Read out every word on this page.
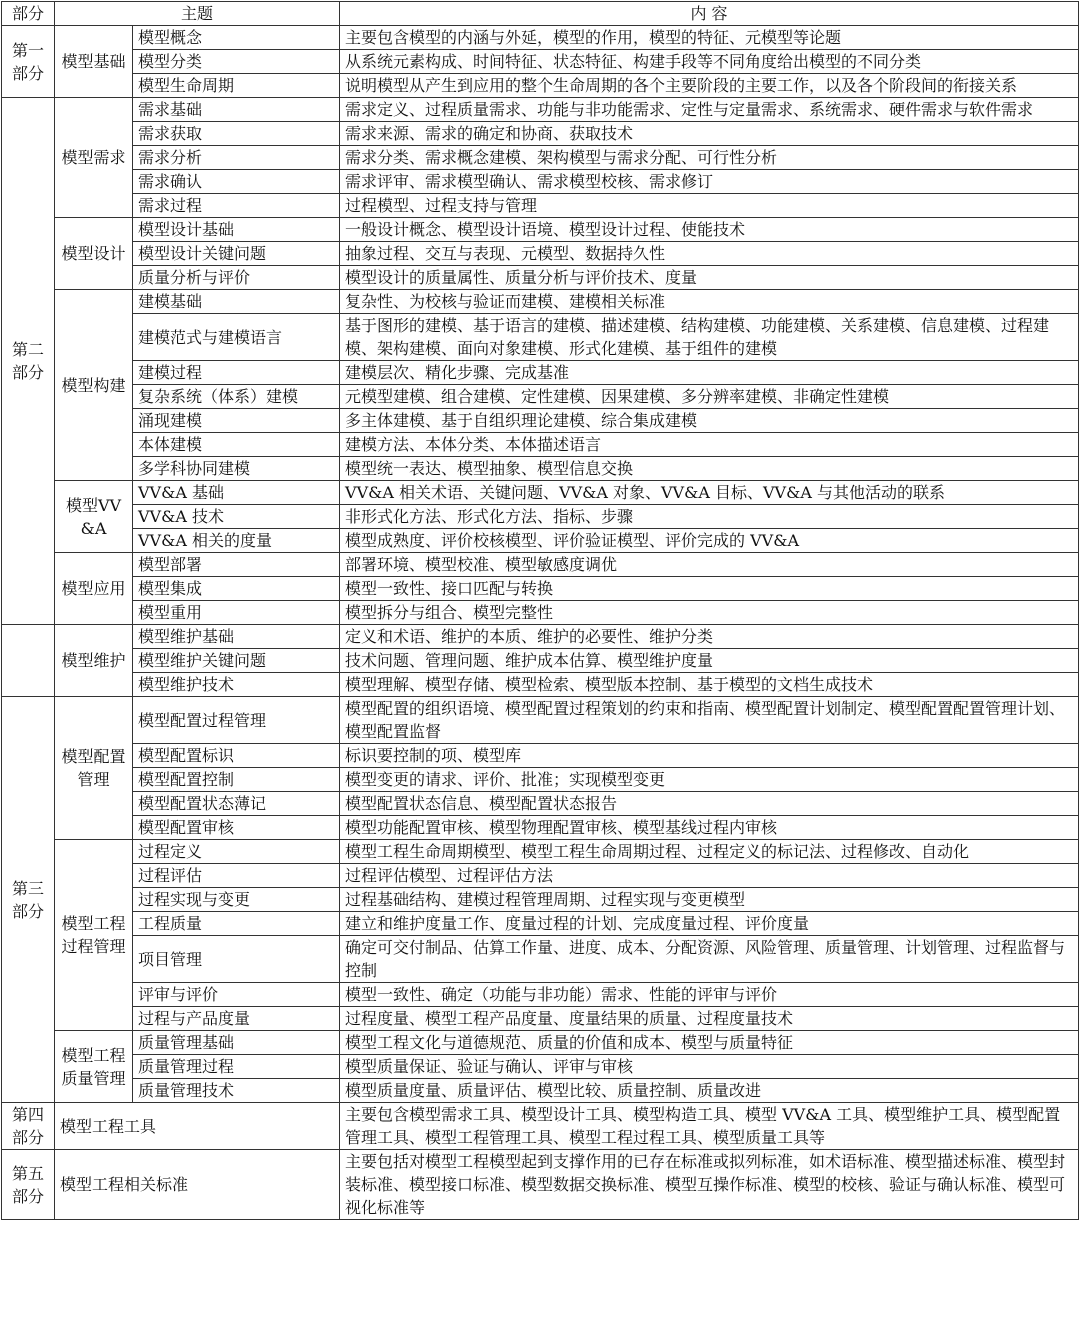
部分	主题		内 容
第一部分	模型基础	模型概念	主要包含模型的内涵与外延，模型的作用，模型的特征、元模型等论题
		模型分类	从系统元素构成、时间特征、状态特征、构建手段等不同角度给出模型的不同分类
		模型生命周期	说明模型从产生到应用的整个生命周期的各个主要阶段的主要工作，以及各个阶段间的衔接关系
第二部分	模型需求	需求基础	需求定义、过程质量需求、功能与非功能需求、定性与定量需求、系统需求、硬件需求与软件需求
		需求获取	需求来源、需求的确定和协商、获取技术
		需求分析	需求分类、需求概念建模、架构模型与需求分配、可行性分析
		需求确认	需求评审、需求模型确认、需求模型校核、需求修订
		需求过程	过程模型、过程支持与管理
	模型设计	模型设计基础	一般设计概念、模型设计语境、模型设计过程、使能技术
		模型设计关键问题	抽象过程、交互与表现、元模型、数据持久性
		质量分析与评价	模型设计的质量属性、质量分析与评价技术、度量
	模型构建	建模基础	复杂性、为校核与验证而建模、建模相关标准
		建模范式与建模语言	基于图形的建模、基于语言的建模、描述建模、结构建模、功能建模、关系建模、信息建模、过程建模、架构建模、面向对象建模、形式化建模、基于组件的建模
		建模过程	建模层次、精化步骤、完成基准
		复杂系统（体系）建模	元模型建模、组合建模、定性建模、因果建模、多分辨率建模、非确定性建模
		涌现建模	多主体建模、基于自组织理论建模、综合集成建模
		本体建模	建模方法、本体分类、本体描述语言
		多学科协同建模	模型统一表达、模型抽象、模型信息交换
	模型VV&A	VV&A 基础	VV&A 相关术语、关键问题、VV&A 对象、VV&A 目标、VV&A 与其他活动的联系
		VV&A 技术	非形式化方法、形式化方法、指标、步骤
		VV&A 相关的度量	模型成熟度、评价校核模型、评价验证模型、评价完成的 VV&A
	模型应用	模型部署	部署环境、模型校准、模型敏感度调优
		模型集成	模型一致性、接口匹配与转换
		模型重用	模型拆分与组合、模型完整性
	模型维护	模型维护基础	定义和术语、维护的本质、维护的必要性、维护分类
		模型维护关键问题	技术问题、管理问题、维护成本估算、模型维护度量
		模型维护技术	模型理解、模型存储、模型检索、模型版本控制、基于模型的文档生成技术
第三部分	模型配置管理	模型配置过程管理	模型配置的组织语境、模型配置过程策划的约束和指南、模型配置计划制定、模型配置配置管理计划、模型配置监督
		模型配置标识	标识要控制的项、模型库
		模型配置控制	模型变更的请求、评价、批准；实现模型变更
		模型配置状态薄记	模型配置状态信息、模型配置状态报告
		模型配置审核	模型功能配置审核、模型物理配置审核、模型基线过程内审核
	模型工程过程管理	过程定义	模型工程生命周期模型、模型工程生命周期过程、过程定义的标记法、过程修改、自动化
		过程评估	过程评估模型、过程评估方法
		过程实现与变更	过程基础结构、建模过程管理周期、过程实现与变更模型
		工程质量	建立和维护度量工作、度量过程的计划、完成度量过程、评价度量
		项目管理	确定可交付制品、估算工作量、进度、成本、分配资源、风险管理、质量管理、计划管理、过程监督与控制
		评审与评价	模型一致性、确定（功能与非功能）需求、性能的评审与评价
		过程与产品度量	过程度量、模型工程产品度量、度量结果的质量、过程度量技术
	模型工程质量管理	质量管理基础	模型工程文化与道德规范、质量的价值和成本、模型与质量特征
		质量管理过程	模型质量保证、验证与确认、评审与审核
		质量管理技术	模型质量度量、质量评估、模型比较、质量控制、质量改进
第四部分	模型工程工具		主要包含模型需求工具、模型设计工具、模型构造工具、模型 VV&A 工具、模型维护工具、模型配置管理工具、模型工程管理工具、模型工程过程工具、模型质量工具等
第五部分	模型工程相关标准		主要包括对模型工程模型起到支撑作用的已存在标准或拟列标准，如术语标准、模型描述标准、模型封装标准、模型接口标准、模型数据交换标准、模型互操作标准、模型的校核、验证与确认标准、模型可视化标准等
